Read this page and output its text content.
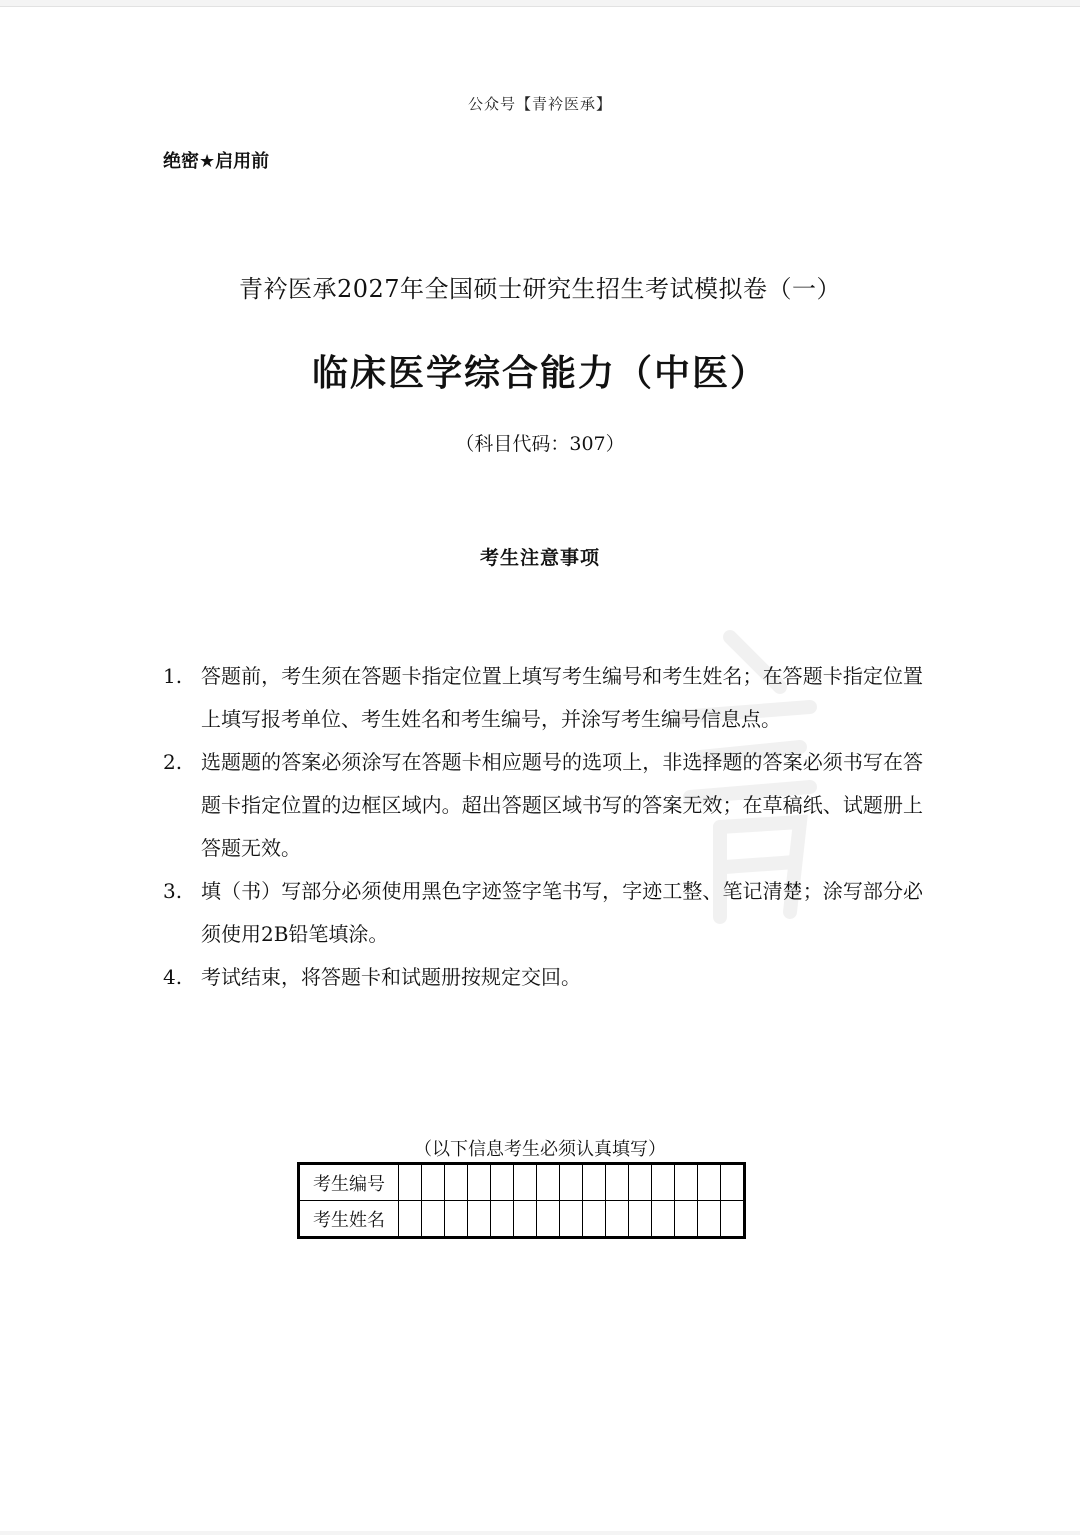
公众号【青衿医承】
绝密★启用前
青衿医承2027年全国硕士研究生招生考试模拟卷（一）
临床医学综合能力（中医）
（科目代码：307）
考生注意事项
1. 答题前，考生须在答题卡指定位置上填写考生编号和考生姓名；在答题卡指定位置上填写报考单位、考生姓名和考生编号，并涂写考生编号信息点。
2. 选题题的答案必须涂写在答题卡相应题号的选项上，非选择题的答案必须书写在答题卡指定位置的边框区域内。超出答题区域书写的答案无效；在草稿纸、试题册上答题无效。
3. 填（书）写部分必须使用黑色字迹签字笔书写，字迹工整、笔记清楚；涂写部分必须使用2B铅笔填涂。
4. 考试结束，将答题卡和试题册按规定交回。
（以下信息考生必须认真填写）
考生编号															
考生姓名															
